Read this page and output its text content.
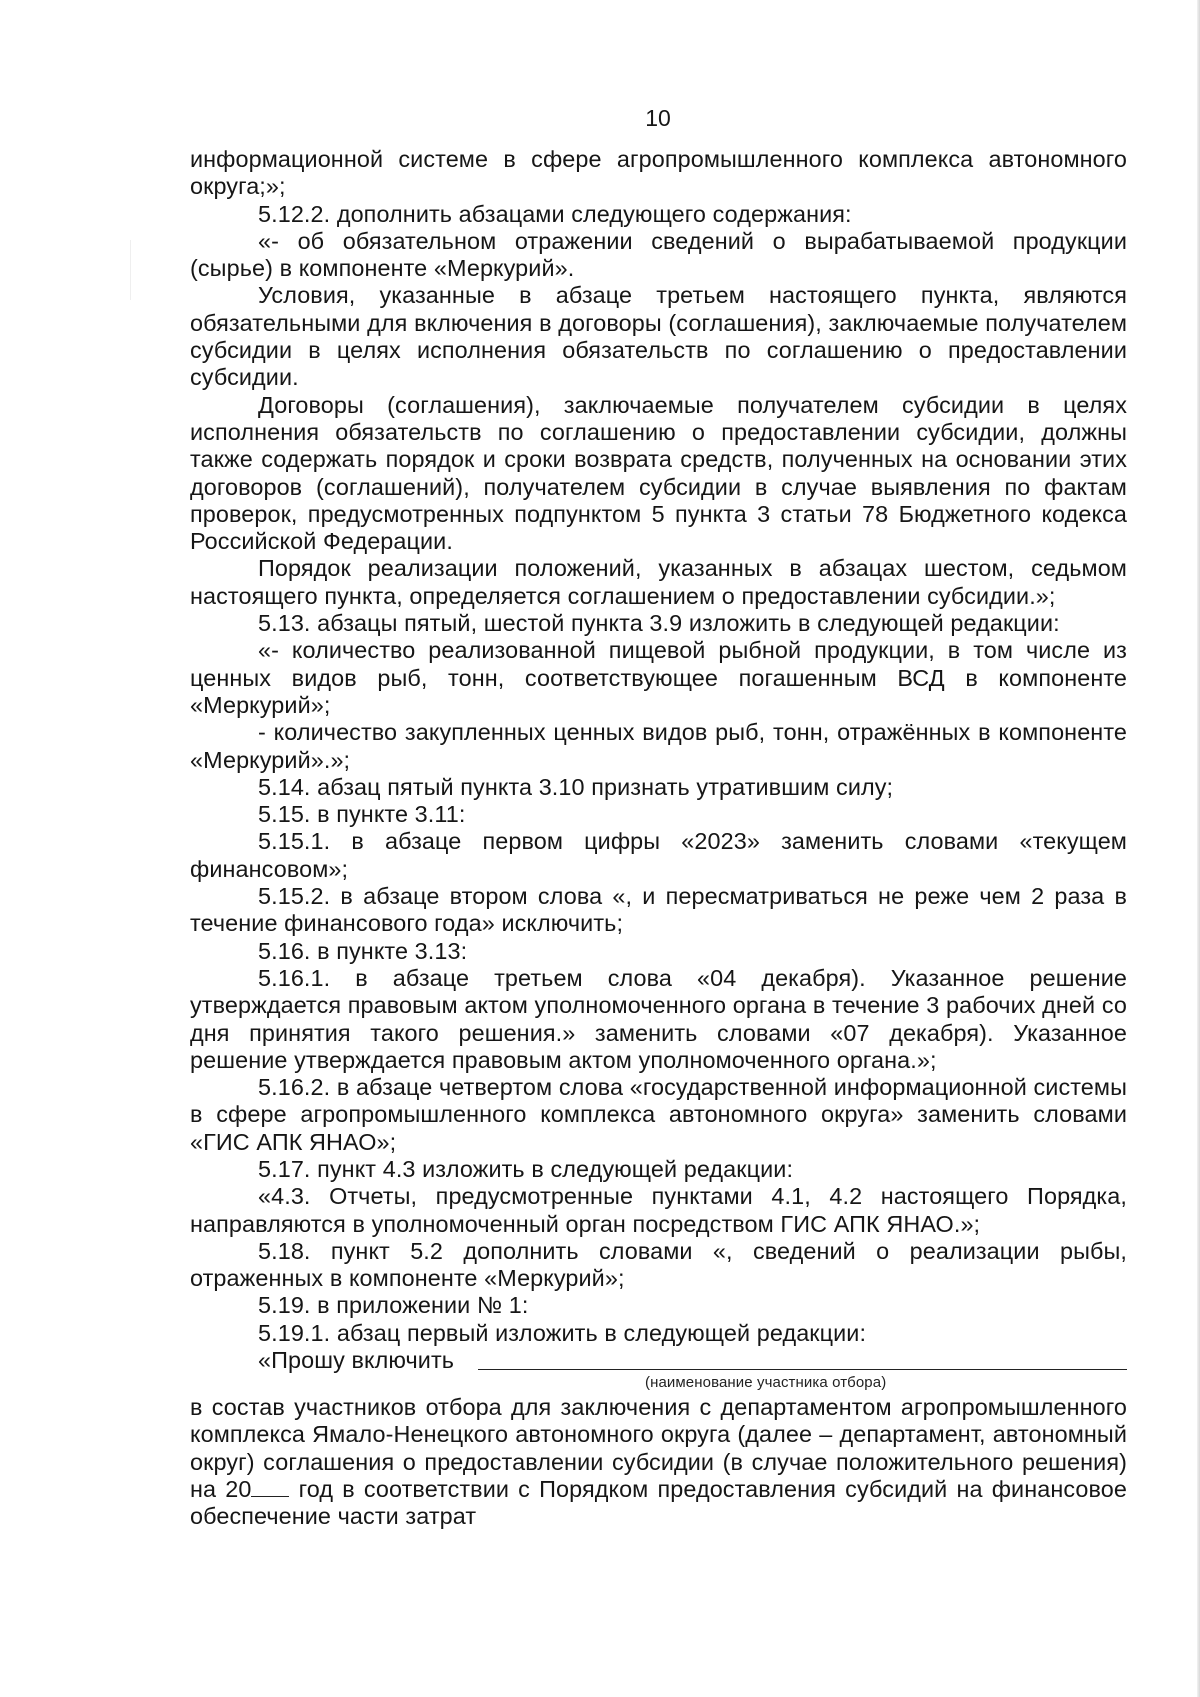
10

информационной системе в сфере агропромышленного комплекса автономного округа;»;

5.12.2. дополнить абзацами следующего содержания:

«- об обязательном отражении сведений о вырабатываемой продукции (сырье) в компоненте «Меркурий».

Условия, указанные в абзаце третьем настоящего пункта, являются обязательными для включения в договоры (соглашения), заключаемые получателем субсидии в целях исполнения обязательств по соглашению о предоставлении субсидии.

Договоры (соглашения), заключаемые получателем субсидии в целях исполнения обязательств по соглашению о предоставлении субсидии, должны также содержать порядок и сроки возврата средств, полученных на основании этих договоров (соглашений), получателем субсидии в случае выявления по фактам проверок, предусмотренных подпунктом 5 пункта 3 статьи 78 Бюджетного кодекса Российской Федерации.

Порядок реализации положений, указанных в абзацах шестом, седьмом настоящего пункта, определяется соглашением о предоставлении субсидии.»;

5.13. абзацы пятый, шестой пункта 3.9 изложить в следующей редакции:

«- количество реализованной пищевой рыбной продукции, в том числе из ценных видов рыб, тонн, соответствующее погашенным ВСД в компоненте «Меркурий»;

- количество закупленных ценных видов рыб, тонн, отражённых в компоненте «Меркурий».»;

5.14. абзац пятый пункта 3.10 признать утратившим силу;

5.15. в пункте 3.11:

5.15.1. в абзаце первом цифры «2023» заменить словами «текущем финансовом»;

5.15.2. в абзаце втором слова «, и пересматриваться не реже чем 2 раза в течение финансового года» исключить;

5.16. в пункте 3.13:

5.16.1. в абзаце третьем слова «04 декабря). Указанное решение утверждается правовым актом уполномоченного органа в течение 3 рабочих дней со дня принятия такого решения.» заменить словами «07 декабря). Указанное решение утверждается правовым актом уполномоченного органа.»;

5.16.2. в абзаце четвертом слова «государственной информационной системы в сфере агропромышленного комплекса автономного округа» заменить словами «ГИС АПК ЯНАО»;

5.17. пункт 4.3 изложить в следующей редакции:

«4.3. Отчеты, предусмотренные пунктами 4.1, 4.2 настоящего Порядка, направляются в уполномоченный орган посредством ГИС АПК ЯНАО.»;

5.18. пункт 5.2 дополнить словами «, сведений о реализации рыбы, отраженных в компоненте «Меркурий»;

5.19. в приложении № 1:

5.19.1. абзац первый изложить в следующей редакции:

«Прошу включить

(наименование участника отбора)

в состав участников отбора для заключения с департаментом агропромышленного комплекса Ямало-Ненецкого автономного округа (далее – департамент, автономный округ) соглашения о предоставлении субсидии (в случае положительного решения) на 20 год в соответствии с Порядком предоставления субсидий на финансовое обеспечение части затрат
